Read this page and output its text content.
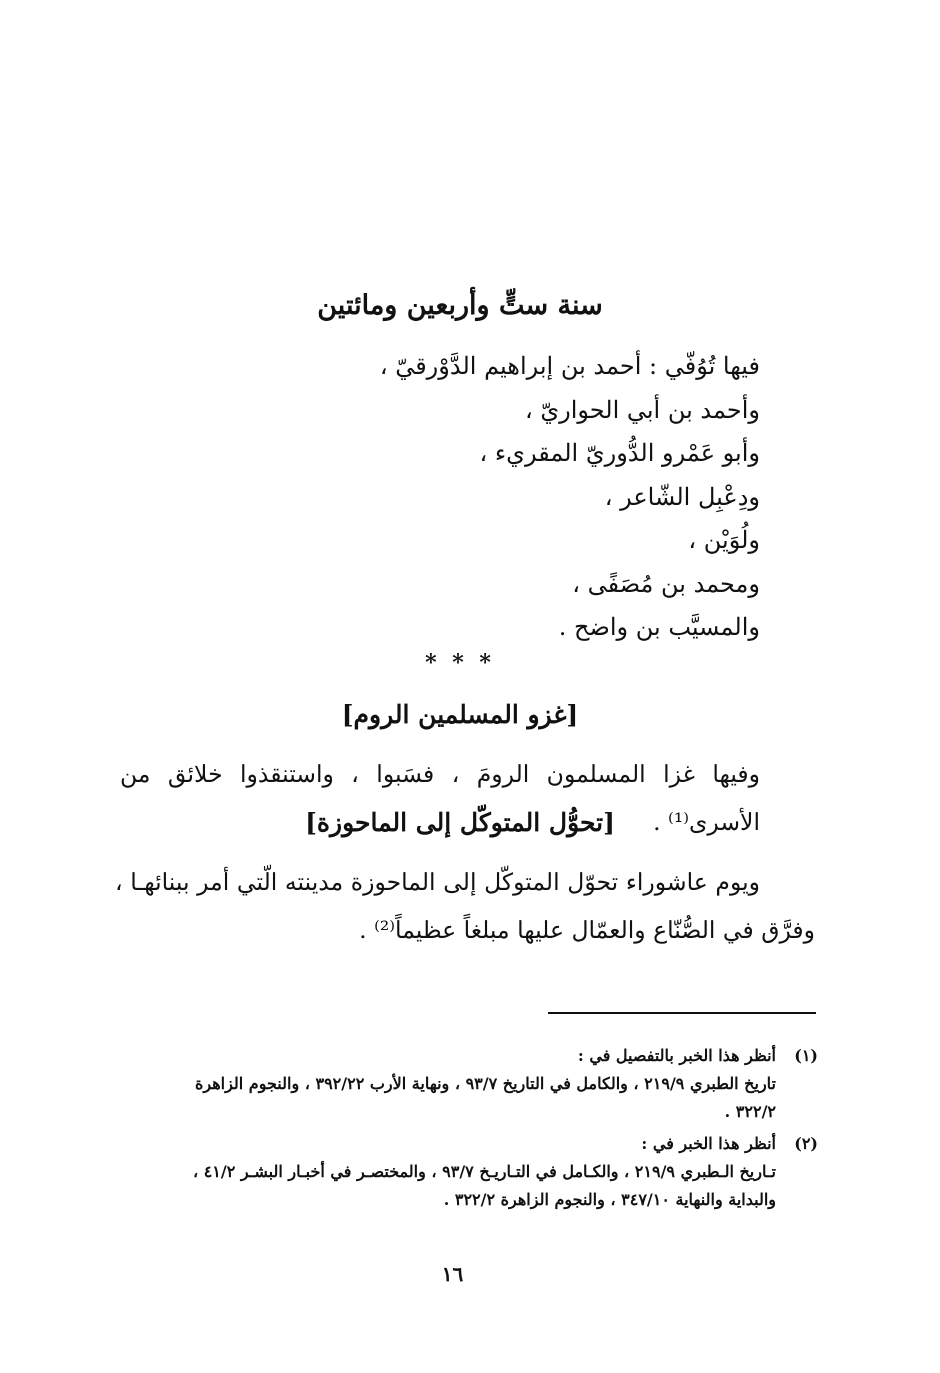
سنة ستٍّ وأربعين ومائتين
فيها تُوُفّي : أحمد بن إبراهيم الدَّوْرقيّ ،
وأحمد بن أبي الحواريّ ،
وأبو عَمْرو الدُّوريّ المقريء ،
ودِعْبِل الشّاعر ،
ولُوَيْن ،
ومحمد بن مُصَفًى ،
والمسيَّب بن واضح .
* * *
[غزو المسلمين الروم]

وفيها غزا المسلمون الرومَ ، فسَبوا ، واستنقذوا خلائق من الأسرى⁽¹⁾ .

[تحوُّل المتوكّل إلى الماحوزة]

ويوم عاشوراء تحوّل المتوكّل إلى الماحوزة مدينته الّتي أمر ببنائهـا ، وفرَّق في الصُّنّاع والعمّال عليها مبلغاً عظيماً⁽²⁾ .

(١)
أنظر هذا الخبر بالتفصيل في :
تاريخ الطبري ٢١٩/٩ ، والكامل في التاريخ ٩٣/٧ ، ونهاية الأرب ٣٩٢/٢٢ ، والنجوم الزاهرة
٣٢٢/٢ .
(٢)
أنظر هذا الخبر في :
تـاريخ الـطبري ٢١٩/٩ ، والكـامل في التـاريـخ ٩٣/٧ ، والمختصـر في أخبـار البشـر ٤١/٢ ،
والبداية والنهاية ٣٤٧/١٠ ، والنجوم الزاهرة ٣٢٢/٢ .
١٦
